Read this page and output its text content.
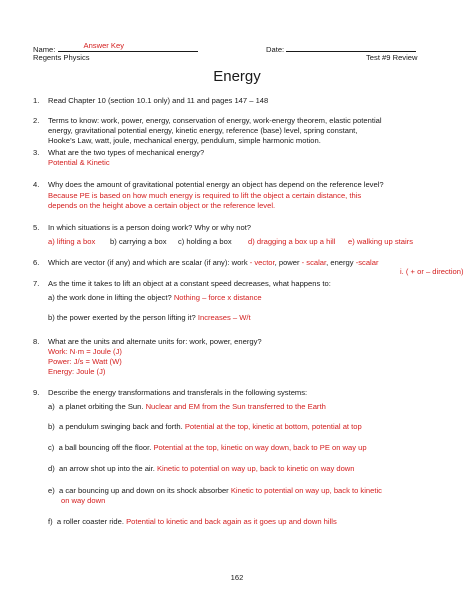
Name:	Answer Key	Date:
Regents Physics	Test #9 Review
Energy
1. Read Chapter 10 (section 10.1 only) and 11 and pages 147 – 148
2. Terms to know: work, power, energy, conservation of energy, work-energy theorem, elastic potential
energy, gravitational potential energy, kinetic energy, reference (base) level, spring constant,
Hooke’s Law, watt, joule, mechanical energy, pendulum, simple harmonic motion.
3. What are the two types of mechanical energy?
Potential & Kinetic
4. Why does the amount of gravitational potential energy an object has depend on the reference level?
Because PE is based on how much energy is required to lift the object a certain distance, this
depends on the height above a certain object or the reference level.
5. In which situations is a person doing work? Why or why not?
a) lifting a box b) carrying a box c) holding a box d) dragging a box up a hill e) walking up stairs
6. Which are vector (if any) and which are scalar (if any): work - vector, power - scalar, energy -scalar
i. ( + or – direction)
7. As the time it takes to lift an object at a constant speed decreases, what happens to:
a) the work done in lifting the object? Nothing – force x distance
b) the power exerted by the person lifting it? Increases – W/t
8. What are the units and alternate units for: work, power, energy?
Work: N·m = Joule (J)
Power: J/s = Watt (W)
Energy: Joule (J)
9. Describe the energy transformations and transferals in the following systems:
a) a planet orbiting the Sun. Nuclear and EM from the Sun transferred to the Earth
b) a pendulum swinging back and forth. Potential at the top, kinetic at bottom, potential at top
c) a ball bouncing off the floor. Potential at the top, kinetic on way down, back to PE on way up
d) an arrow shot up into the air. Kinetic to potential on way up, back to kinetic on way down
e) a car bouncing up and down on its shock absorber Kinetic to potential on way up, back to kinetic
on way down
f) a roller coaster ride. Potential to kinetic and back again as it goes up and down hills
162
